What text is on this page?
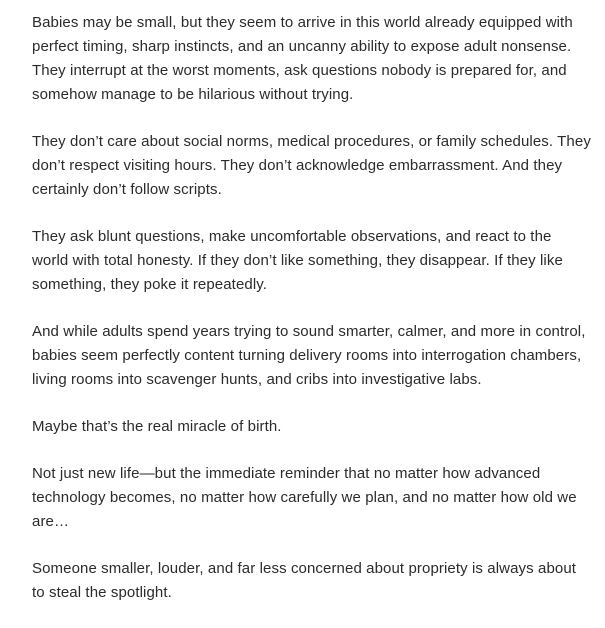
Babies may be small, but they seem to arrive in this world already equipped with perfect timing, sharp instincts, and an uncanny ability to expose adult nonsense. They interrupt at the worst moments, ask questions nobody is prepared for, and somehow manage to be hilarious without trying.

They don’t care about social norms, medical procedures, or family schedules. They don’t respect visiting hours. They don’t acknowledge embarrassment. And they certainly don’t follow scripts.

They ask blunt questions, make uncomfortable observations, and react to the world with total honesty. If they don’t like something, they disappear. If they like something, they poke it repeatedly.

And while adults spend years trying to sound smarter, calmer, and more in control, babies seem perfectly content turning delivery rooms into interrogation chambers, living rooms into scavenger hunts, and cribs into investigative labs.

Maybe that’s the real miracle of birth.

Not just new life—but the immediate reminder that no matter how advanced technology becomes, no matter how carefully we plan, and no matter how old we are…

Someone smaller, louder, and far less concerned about propriety is always about to steal the spotlight.
